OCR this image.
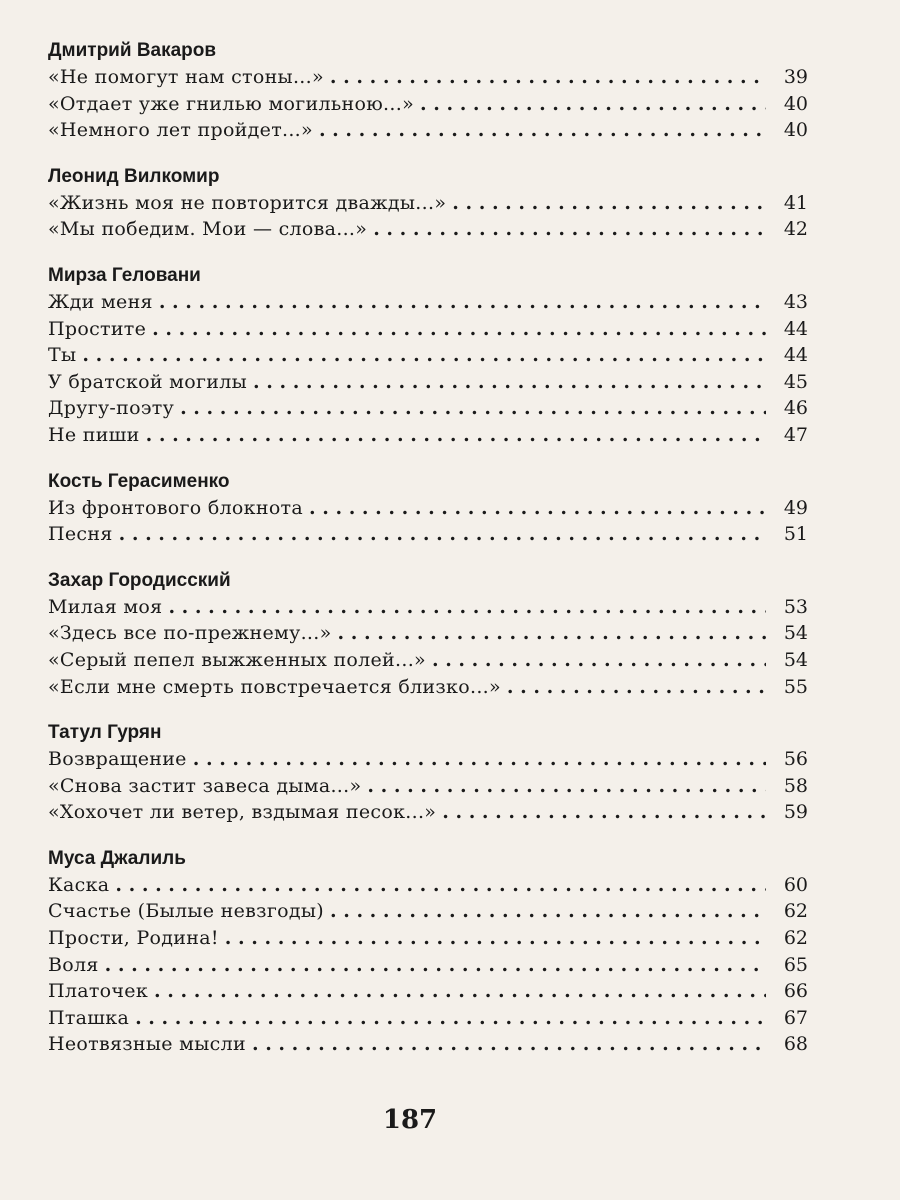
Дмитрий Вакаров
«Не помогут нам стоны...» . . .	39
«Отдает уже гнилью могильною...» . . .	40
«Немного лет пройдет...» . . .	40
Леонид Вилкомир
«Жизнь моя не повторится дважды...» . . .	41
«Мы победим. Мои — слова...» . . .	42
Мирза Геловани
Жди меня . . .	43
Простите . . .	44
Ты . . .	44
У братской могилы . . .	45
Другу-поэту . . .	46
Не пиши . . .	47
Кость Герасименко
Из фронтового блокнота . . .	49
Песня . . .	51
Захар Городисский
Милая моя . . .	53
«Здесь все по-прежнему...» . . .	54
«Серый пепел выжженных полей...» . . .	54
«Если мне смерть повстречается близко...» . . .	55
Татул Гурян
Возвращение . . .	56
«Снова застит завеса дыма...» . . .	58
«Хохочет ли ветер, вздымая песок...» . . .	59
Муса Джалиль
Каска . . .	60
Счастье (Былые невзгоды) . . .	62
Прости, Родина! . . .	62
Воля . . .	65
Платочек . . .	66
Пташка . . .	67
Неотвязные мысли . . .	68
187
